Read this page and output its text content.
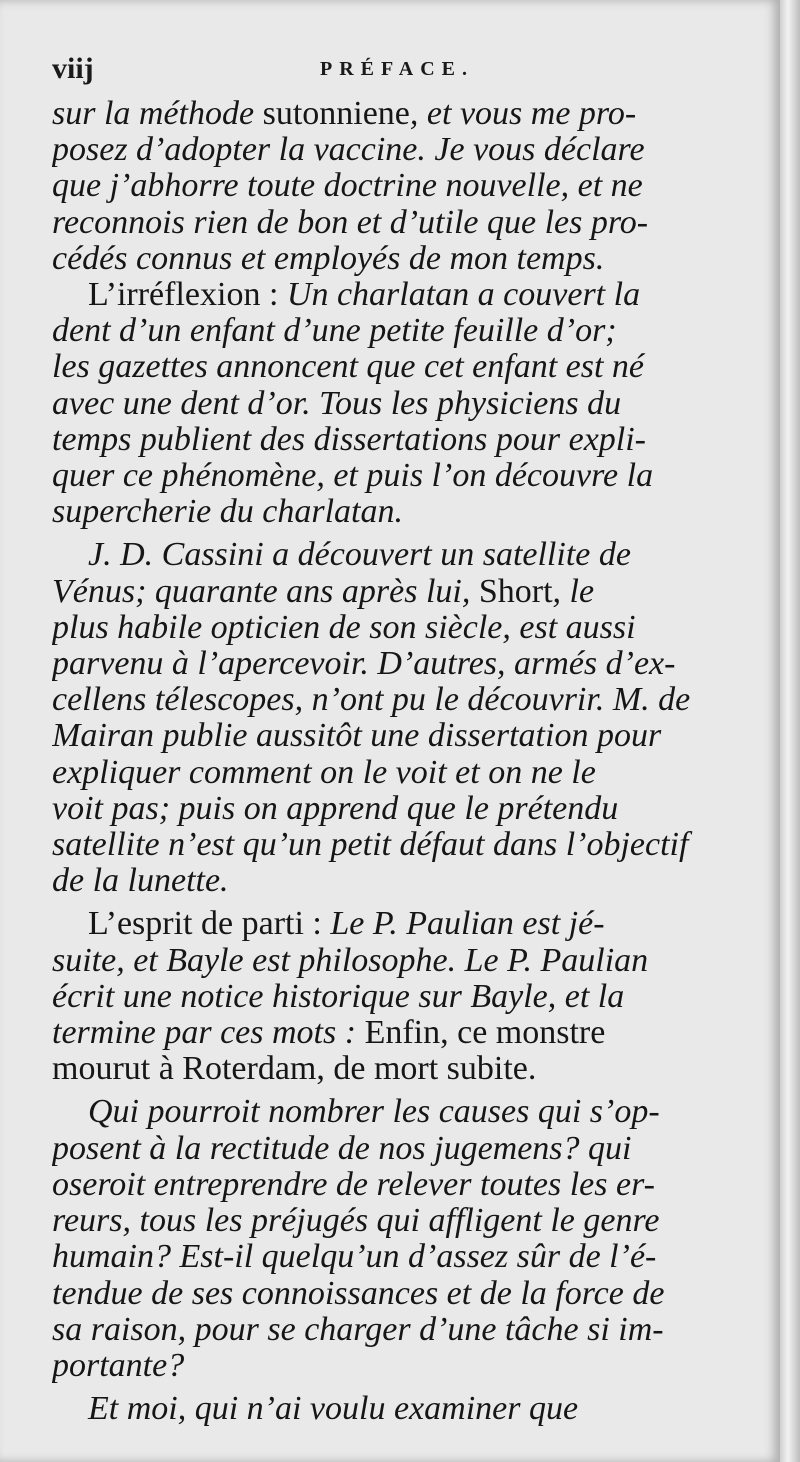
viij	PRÉFACE.
sur la méthode sutonniene, et vous me pro-
posez d’adopter la vaccine. Je vous déclare
que j’abhorre toute doctrine nouvelle, et ne
reconnois rien de bon et d’utile que les pro-
cédés connus et employés de mon temps.
L’irréflexion : Un charlatan a couvert la
dent d’un enfant d’une petite feuille d’or;
les gazettes annoncent que cet enfant est né
avec une dent d’or. Tous les physiciens du
temps publient des dissertations pour expli-
quer ce phénomène, et puis l’on découvre la
supercherie du charlatan.
J. D. Cassini a découvert un satellite de
Vénus; quarante ans après lui, Short, le
plus habile opticien de son siècle, est aussi
parvenu à l’apercevoir. D’autres, armés d’ex-
cellens télescopes, n’ont pu le découvrir. M. de
Mairan publie aussitôt une dissertation pour
expliquer comment on le voit et on ne le
voit pas; puis on apprend que le prétendu
satellite n’est qu’un petit défaut dans l’objectif
de la lunette.
L’esprit de parti : Le P. Paulian est jé-
suite, et Bayle est philosophe. Le P. Paulian
écrit une notice historique sur Bayle, et la
termine par ces mots : Enfin, ce monstre
mourut à Roterdam, de mort subite.
Qui pourroit nombrer les causes qui s’op-
posent à la rectitude de nos jugemens? qui
oseroit entreprendre de relever toutes les er-
reurs, tous les préjugés qui affligent le genre
humain? Est-il quelqu’un d’assez sûr de l’é-
tendue de ses connoissances et de la force de
sa raison, pour se charger d’une tâche si im-
portante?
Et moi, qui n’ai voulu examiner que
